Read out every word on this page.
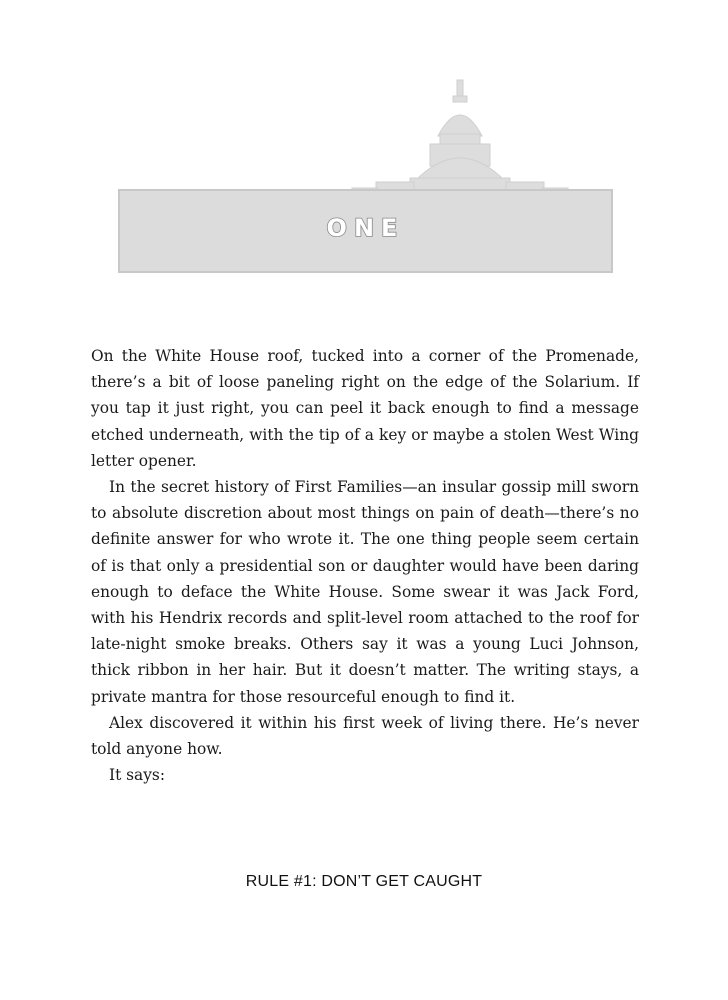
ONE

On the White House roof, tucked into a corner of the Promenade, there’s a bit of loose paneling right on the edge of the Solarium. If you tap it just right, you can peel it back enough to find a message etched underneath, with the tip of a key or maybe a stolen West Wing letter opener.

In the secret history of First Families—an insular gossip mill sworn to absolute discretion about most things on pain of death—there’s no definite answer for who wrote it. The one thing people seem certain of is that only a presidential son or daughter would have been daring enough to deface the White House. Some swear it was Jack Ford, with his Hendrix records and split-level room attached to the roof for late-night smoke breaks. Others say it was a young Luci Johnson, thick ribbon in her hair. But it doesn’t matter. The writing stays, a private mantra for those resourceful enough to find it.

Alex discovered it within his first week of living there. He’s never told anyone how.

It says:

RULE #1: DON’T GET CAUGHT
